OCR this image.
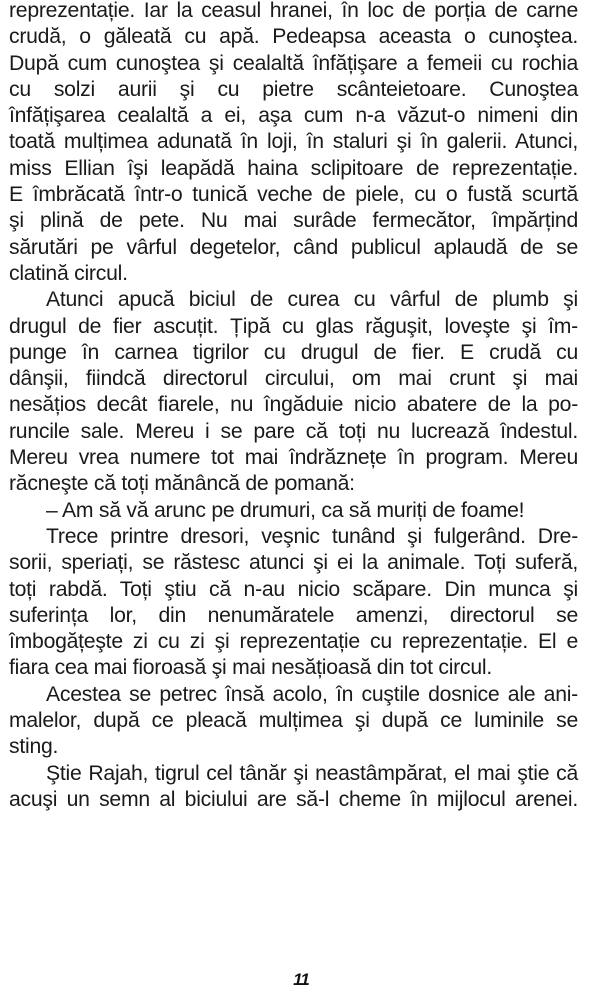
reprezentație. Iar la ceasul hranei, în loc de porția de carne
crudă, o găleată cu apă. Pedeapsa aceasta o cunoştea.
După cum cunoştea şi cealaltă înfățişare a femeii cu rochia
cu solzi aurii şi cu pietre scânteietoare. Cunoştea
înfățişarea cealaltă a ei, aşa cum n-a văzut-o nimeni din
toată mulțimea adunată în loji, în staluri şi în galerii. Atunci,
miss Ellian îşi leapădă haina sclipitoare de reprezentație.
E îmbrăcată într-o tunică veche de piele, cu o fustă scurtă
şi plină de pete. Nu mai surâde fermecător, împărțind
sărutări pe vârful degetelor, când publicul aplaudă de se
clatină circul.
Atunci apucă biciul de curea cu vârful de plumb şi
drugul de fier ascuțit. Țipă cu glas răguşit, loveşte şi îm-
punge în carnea tigrilor cu drugul de fier. E crudă cu
dânşii, fiindcă directorul circului, om mai crunt şi mai
nesățios decât fiarele, nu îngăduie nicio abatere de la po-
runcile sale. Mereu i se pare că toți nu lucrează îndestul.
Mereu vrea numere tot mai îndrăznețe în program. Mereu
răcneşte că toți mănâncă de pomană:
– Am să vă arunc pe drumuri, ca să muriți de foame!
Trece printre dresori, veşnic tunând şi fulgerând. Dre-
sorii, speriați, se răstesc atunci şi ei la animale. Toți suferă,
toți rabdă. Toți ştiu că n-au nicio scăpare. Din munca şi
suferința lor, din nenumăratele amenzi, directorul se
îmbogățeşte zi cu zi şi reprezentație cu reprezentație. El e
fiara cea mai fioroasă şi mai nesățioasă din tot circul.
Acestea se petrec însă acolo, în cuştile dosnice ale ani-
malelor, după ce pleacă mulțimea şi după ce luminile se
sting.
Ştie Rajah, tigrul cel tânăr şi neastâmpărat, el mai ştie că
acuşi un semn al biciului are să-l cheme în mijlocul arenei.
11
